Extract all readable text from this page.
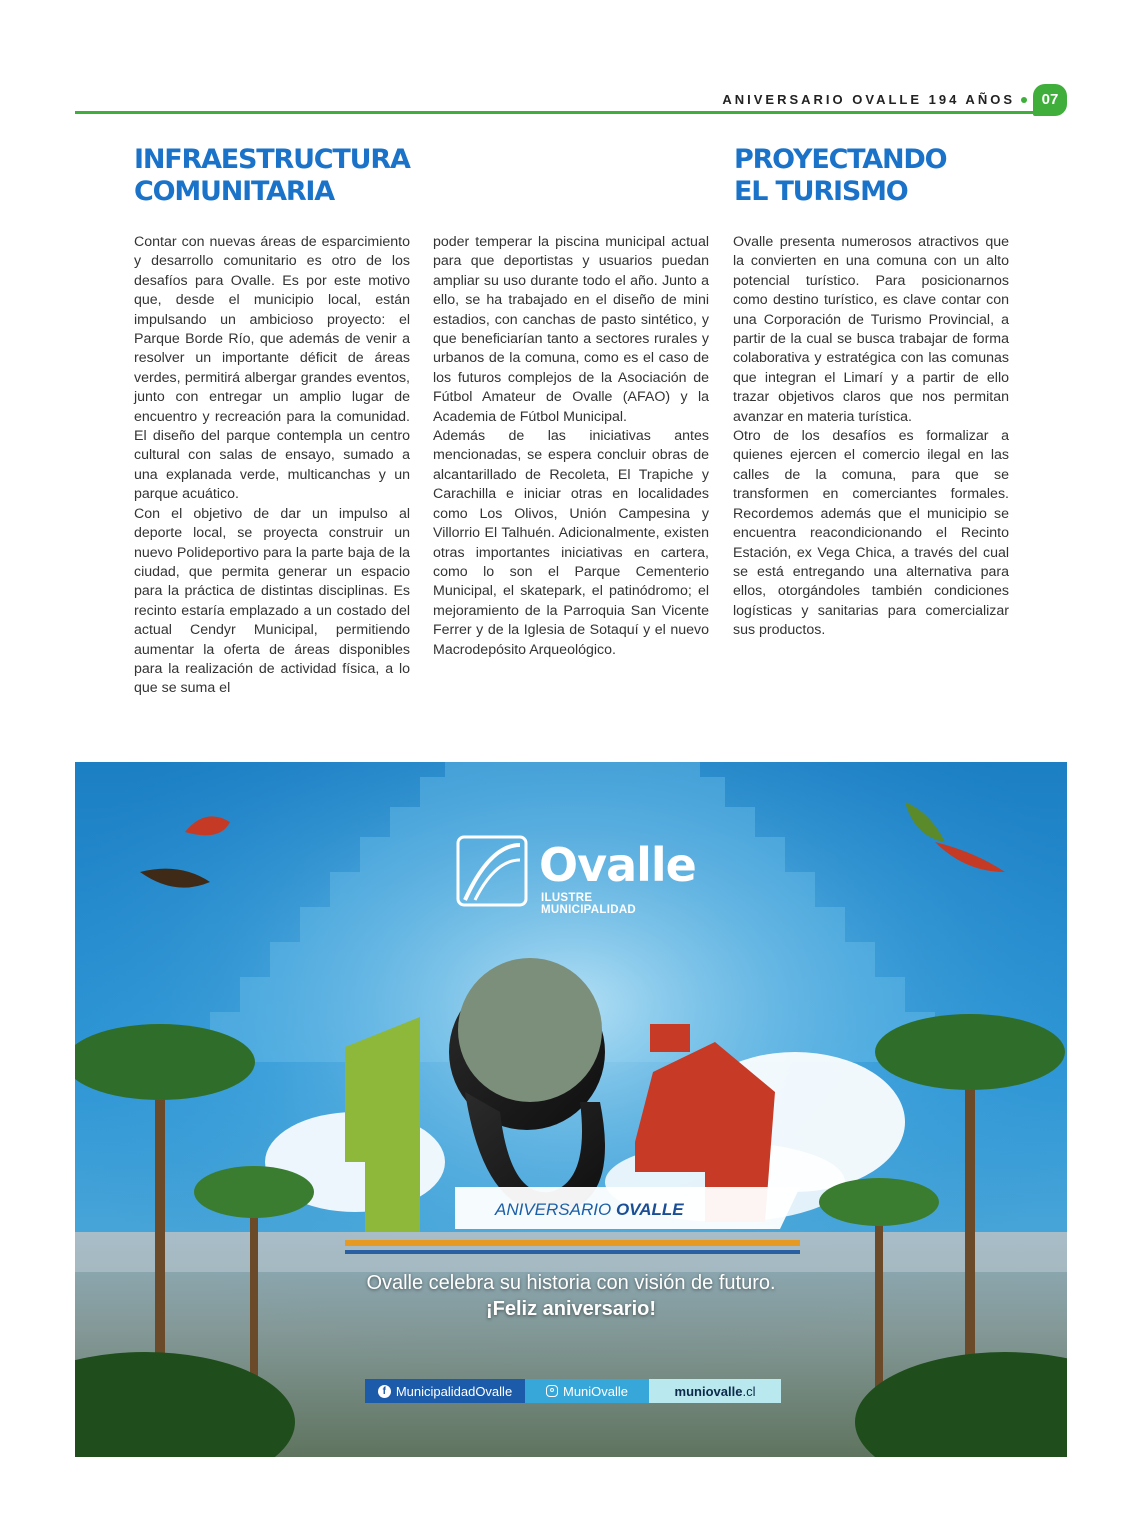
ANIVERSARIO OVALLE 194 AÑOS	07
INFRAESTRUCTURA
COMUNITARIA

Contar con nuevas áreas de esparcimiento y desarrollo comunitario es otro de los desafíos para Ovalle. Es por este motivo que, desde el municipio local, están impulsando un ambicioso proyecto: el Parque Borde Río, que además de venir a resolver un importante déficit de áreas verdes, permitirá albergar grandes eventos, junto con entregar un amplio lugar de encuentro y recreación para la comunidad. El diseño del parque contempla un centro cultural con salas de ensayo, sumado a una explanada verde, multicanchas y un parque acuático.

Con el objetivo de dar un impulso al deporte local, se proyecta construir un nuevo Polideportivo para la parte baja de la ciudad, que permita generar un espacio para la práctica de distintas disciplinas. Es recinto estaría emplazado a un costado del actual Cendyr Municipal, permitiendo aumentar la oferta de áreas disponibles para la realización de actividad física, a lo que se suma el

poder temperar la piscina municipal actual para que deportistas y usuarios puedan ampliar su uso durante todo el año. Junto a ello, se ha trabajado en el diseño de mini estadios, con canchas de pasto sintético, y que beneficiarían tanto a sectores rurales y urbanos de la comuna, como es el caso de los futuros complejos de la Asociación de Fútbol Amateur de Ovalle (AFAO) y la Academia de Fútbol Municipal.

Además de las iniciativas antes mencionadas, se espera concluir obras de alcantarillado de Recoleta, El Trapiche y Carachilla e iniciar otras en localidades como Los Olivos, Unión Campesina y Villorrio El Talhuén. Adicionalmente, existen otras importantes iniciativas en cartera, como lo son el Parque Cementerio Municipal, el skatepark, el patinódromo; el mejoramiento de la Parroquia San Vicente Ferrer y de la Iglesia de Sotaquí y el nuevo Macrodepósito Arqueológico.

PROYECTANDO
EL TURISMO

Ovalle presenta numerosos atractivos que la convierten en una comuna con un alto potencial turístico. Para posicionarnos como destino turístico, es clave contar con una Corporación de Turismo Provincial, a partir de la cual se busca trabajar de forma colaborativa y estratégica con las comunas que integran el Limarí y a partir de ello trazar objetivos claros que nos permitan avanzar en materia turística.

Otro de los desafíos es formalizar a quienes ejercen el comercio ilegal en las calles de la comuna, para que se transformen en comerciantes formales. Recordemos además que el municipio se encuentra reacondicionando el Recinto Estación, ex Vega Chica, a través del cual se está entregando una alternativa para ellos, otorgándoles también condiciones logísticas y sanitarias para comercializar sus productos.

Ovalle
ILUSTRE MUNICIPALIDAD
ANIVERSARIO OVALLE
Ovalle celebra su historia con visión de futuro.
¡Feliz aniversario!
f MunicipalidadOvalle	o MuniOvalle	muniovalle .cl
